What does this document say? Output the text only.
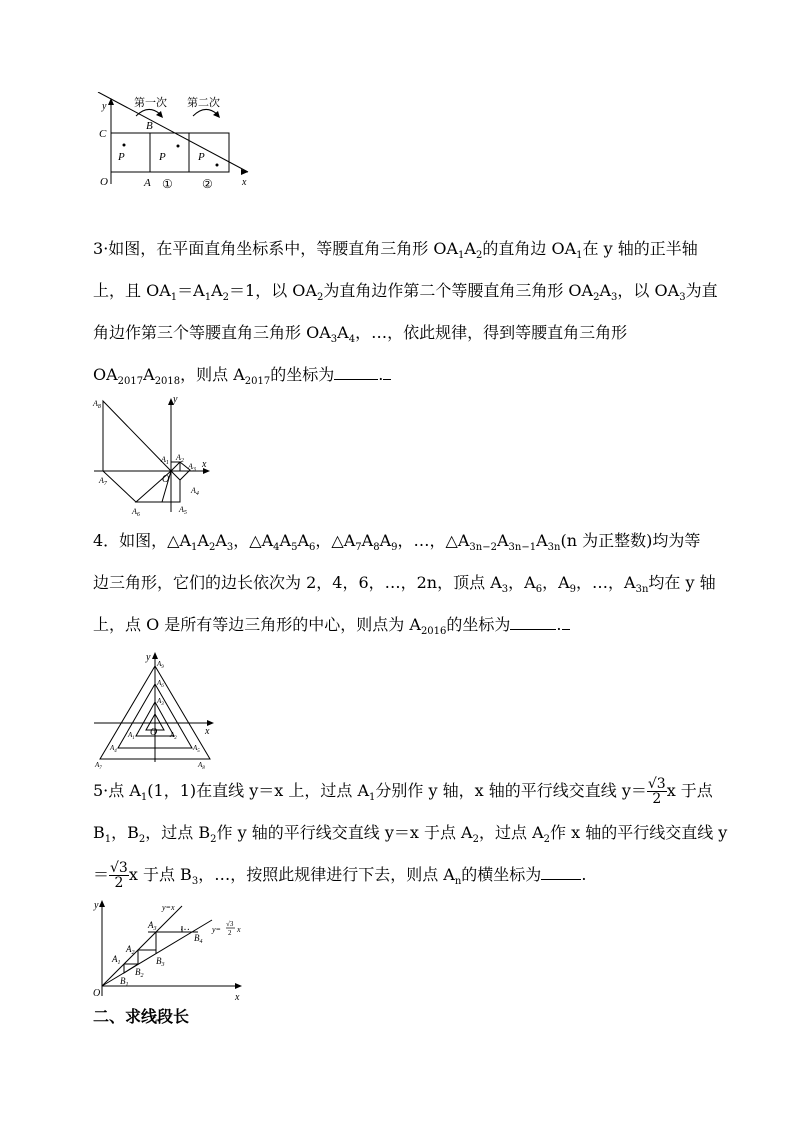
第一次 第二次
y
x
C
B
O	A
P	P	P
① ②
3·如图，在平面直角坐标系中，等腰直角三角形 $OA_1A_2$的直角边 $OA_1$在 y 轴的正半轴
上，且 $OA_1=A_1A_2=1$，以 $OA_2$为直角边作第二个等腰直角三角形 $OA_2A_3$，以 $OA_3$为直
角边作第三个等腰直角三角形 $OA_3A_4$，…，依此规律，得到等腰直角三角形
$OA_{2017}A_{2018}$，则点 $A_{2017}$的坐标为	.
$A_8$
$A_1$
$A_2$
$A_3$
$A_4$
$A_5$
$A_6$
$A_7$
y
x
O
4．如图，$\triangle A_1A_2A_3$，$\triangle A_4A_5A_6$，$\triangle A_7A_8A_9$，…，$\triangle A_{3n-2}A_{3n-1}A_{3n}(n$ 为正整数)均为等
边三角形，它们的边长依次为 2，4，6，…，2n，顶点 $A_3$，$A_6$，$A_9$，…，$A_{3n}$均在 y 轴
上，点 O 是所有等边三角形的中心，则点为 $A_{2016}$的坐标为	.
$A_9$
$A_6$
$A_3$
$A_7$	$A_8$
$A_4$	$A_5$
$A_1$	$A_2$
y
x
O
5·点 $A_1(1$，1)在直线 y＝x 上，过点 $A_1$分别作 y 轴，x 轴的平行线交直线 $y= \frac{√3}{2}$ x 于点
$B_1$，$B_2$，过点 $B_2$作 y 轴的平行线交直线 y＝x 于点 $A_2$，过点 $A_2$作 x 轴的平行线交直线 y
＝ $\frac{√3}{2}$ x 于点 $B_3$，…，按照此规律进行下去，则点 $A_n$的横坐标为	.
$A_1$
$A_2$
$A_3$
$B_1$
$B_2$
$B_3$
$B_4$
y=
√3
2 x
y
x
O
y=x
…
二、求线段长
